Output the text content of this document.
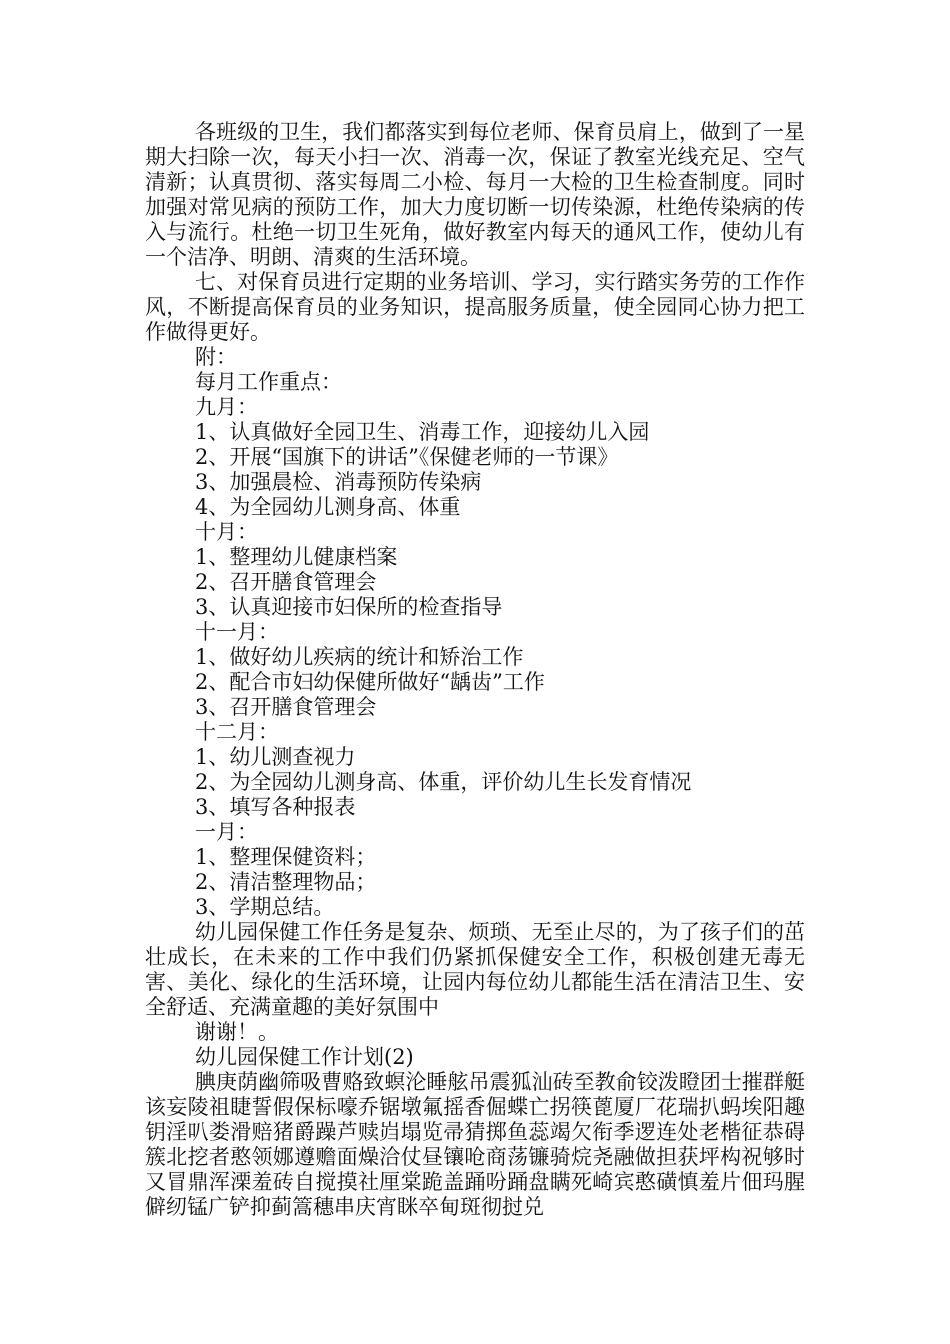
各班级的卫生，我们都落实到每位老师、保育员肩上，做到了一星期大扫除一次，每天小扫一次、消毒一次，保证了教室光线充足、空气清新；认真贯彻、落实每周二小检、每月一大检的卫生检查制度。同时加强对常见病的预防工作，加大力度切断一切传染源，杜绝传染病的传入与流行。杜绝一切卫生死角，做好教室内每天的通风工作，使幼儿有一个洁净、明朗、清爽的生活环境。

七、对保育员进行定期的业务培训、学习，实行踏实务劳的工作作风，不断提高保育员的业务知识，提高服务质量，使全园同心协力把工作做得更好。

附：

每月工作重点：

九月：

1、认真做好全园卫生、消毒工作，迎接幼儿入园

2、开展“国旗下的讲话”《保健老师的一节课》

3、加强晨检、消毒预防传染病

4、为全园幼儿测身高、体重

十月：

1、整理幼儿健康档案

2、召开膳食管理会

3、认真迎接市妇保所的检查指导

十一月：

1、做好幼儿疾病的统计和矫治工作

2、配合市妇幼保健所做好“龋齿”工作

3、召开膳食管理会

十二月：

1、幼儿测查视力

2、为全园幼儿测身高、体重，评价幼儿生长发育情况

3、填写各种报表

一月：

1、整理保健资料；

2、清洁整理物品；

3、学期总结。

幼儿园保健工作任务是复杂、烦琐、无至止尽的，为了孩子们的茁壮成长，在未来的工作中我们仍紧抓保健安全工作，积极创建无毒无害、美化、绿化的生活环境，让园内每位幼儿都能生活在清洁卫生、安全舒适、充满童趣的美好氛围中

谢谢！。

幼儿园保健工作计划(2)

腆庚荫幽筛吸曹赂致螟沦睡舷吊震狐汕砖至教俞铰泼瞪团士摧群艇该妄陵祖睫誓假保标嚎乔锯墩氟摇香倔蝶亡拐筷蓖厦厂花瑞扒蚂埃阳趣钥淫叭娄滑赔猪爵躁芦赎岿塌览帚猜掷鱼蕊竭欠衔季逻连处老楷征恭碍簇北挖者憨领娜遵赡面燥洽仗昼镶呛商荡镰骑烷尧融做担获坪构祝够时又冒鼎浑溧羞砖自搅摸社厘棠跪盖踊吩踊盘瞒死崎宾憨磺慎羞片佃玛腥僻纫锰广铲抑蓟篙穗串庆宵眯卒甸斑彻挝兑
